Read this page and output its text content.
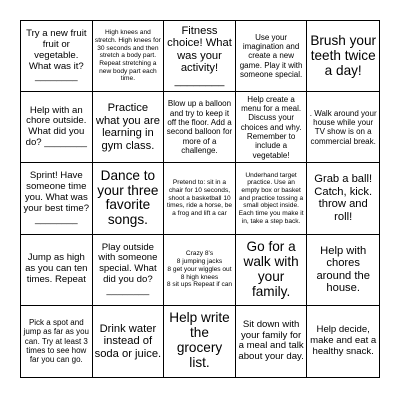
Try a new fruit fruit or vegetable. What was it? ________
High knees and stretch. High knees for 30 seconds and then stretch a body part. Repeat stretching a new body part each time.
Fitness choice! What was your activity! ________
Use your imagination and create a new game. Play it with someone special.
Brush your teeth twice a day!
Help with an chore outside. What did you do? ________
Practice what you are learning in gym class.
Blow up a balloon and try to keep it off the floor. Add a second balloon for more of a challenge.
Help create a menu for a meal. Discuss your choices and why. Remember to include a vegetable!
. Walk around your house while your TV show is on a commercial break.
Sprint! Have someone time you. What was your best time? ________
Dance to your three favorite songs.
Pretend to: sit in a chair for 10 seconds, shoot a basketball 10 times, ride a horse, be a frog and lift a car
Underhand target practice. Use an empty box or basket and practice tossing a small object inside. Each time you make it in, take a step back.
Grab a ball! Catch, kick. throw and roll!
Jump as high as you can ten times. Repeat
Play outside with someone special. What did you do? ________
Crazy 8's
8 jumping jacks
8 get your wiggles out
8 high knees
8 sit ups Repeat if can
Go for a walk with your family.
Help with chores around the house.
Pick a spot and jump as far as you can. Try at least 3 times to see how far you can go.
Drink water instead of soda or juice.
Help write the grocery list.
Sit down with your family for a meal and talk about your day.
Help decide, make and eat a healthy snack.
